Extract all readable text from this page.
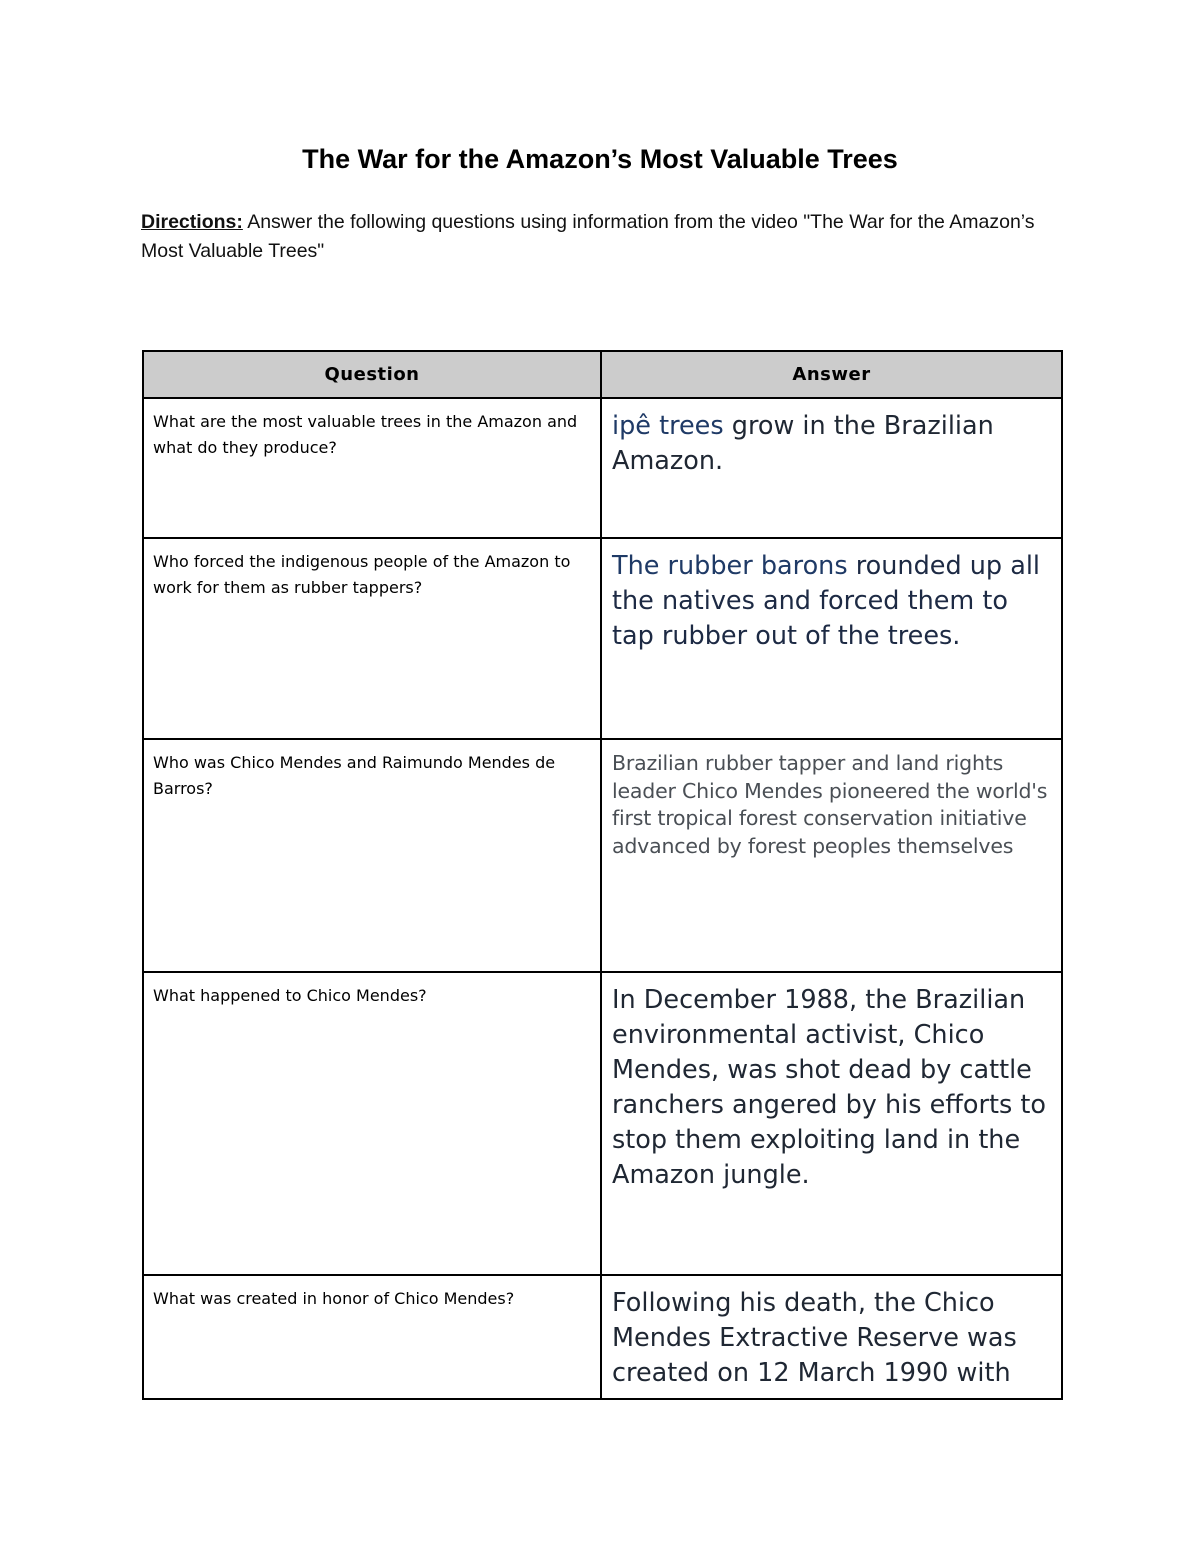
The War for the Amazon’s Most Valuable Trees
Directions: Answer the following questions using information from the video "The War for the Amazon’s Most Valuable Trees"
Question	Answer

What are the most valuable trees in the Amazon and what do they produce?	ipê trees grow in the Brazilian Amazon.

Who forced the indigenous people of the Amazon to work for them as rubber tappers?	The rubber barons rounded up all the natives and forced them to tap rubber out of the trees.

Who was Chico Mendes and Raimundo Mendes de Barros?	Brazilian rubber tapper and land rights leader Chico Mendes pioneered the world's first tropical forest conservation initiative advanced by forest peoples themselves

What happened to Chico Mendes?	In December 1988, the Brazilian environmental activist, Chico Mendes, was shot dead by cattle ranchers angered by his efforts to stop them exploiting land in the Amazon jungle.

What was created in honor of Chico Mendes?	Following his death, the Chico Mendes Extractive Reserve was created on 12 March 1990 with
